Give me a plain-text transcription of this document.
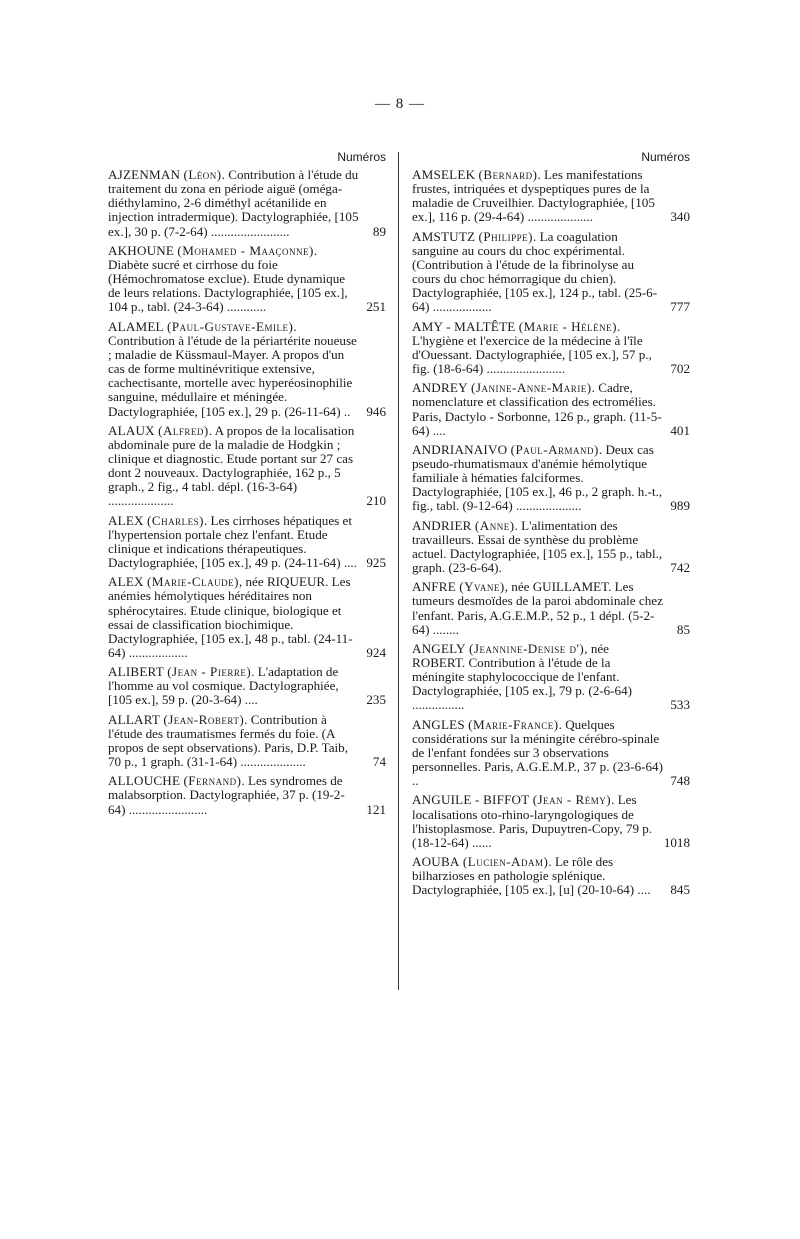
— 8 —
Numéros
AJZENMAN (Léon). Contribution à l'étude du traitement du zona en période aiguë (oméga-diéthylamino, 2-6 diméthyl acétanilide en injection intradermique). Dactylographiée, [105 ex.], 30 p. (7-2-64) ........................	89
AKHOUNE (Mohamed - Maaçonne). Diabète sucré et cirrhose du foie (Hémochromatose exclue). Etude dynamique de leurs relations. Dactylographiée, [105 ex.], 104 p., tabl. (24-3-64) ............	251
ALAMEL (Paul-Gustave-Emile). Contribution à l'étude de la périartérite noueuse ; maladie de Küssmaul-Mayer. A propos d'un cas de forme multinévritique extensive, cachectisante, mortelle avec hyperéosinophilie sanguine, médullaire et méningée. Dactylographiée, [105 ex.], 29 p. (26-11-64) ..	946
ALAUX (Alfred). A propos de la localisation abdominale pure de la maladie de Hodgkin ; clinique et diagnostic. Etude portant sur 27 cas dont 2 nouveaux. Dactylographiée, 162 p., 5 graph., 2 fig., 4 tabl. dépl. (16-3-64) ....................	210
ALEX (Charles). Les cirrhoses hépatiques et l'hypertension portale chez l'enfant. Etude clinique et indications thérapeutiques. Dactylographiée, [105 ex.], 49 p. (24-11-64) .... 925
ALEX (Marie-Claude), née RIQUEUR. Les anémies hémolytiques héréditaires non sphérocytaires. Etude clinique, biologique et essai de classification biochimique. Dactylographiée, [105 ex.], 48 p., tabl. (24-11-64) ..................	924
ALIBERT (Jean - Pierre). L'adaptation de l'homme au vol cosmique. Dactylographiée, [105 ex.], 59 p. (20-3-64) ....	235
ALLART (Jean-Robert). Contribution à l'étude des traumatismes fermés du foie. (A propos de sept observations). Paris, D.P. Taib, 70 p., 1 graph. (31-1-64) ....................	74
ALLOUCHE (Fernand). Les syndromes de malabsorption. Dactylographiée, 37 p. (19-2-64) ........................	121
Numéros
AMSELEK (Bernard). Les manifestations frustes, intriquées et dyspeptiques pures de la maladie de Cruveilhier. Dactylographiée, [105 ex.], 116 p. (29-4-64) ....................	340
AMSTUTZ (Philippe). La coagulation sanguine au cours du choc expérimental. (Contribution à l'étude de la fibrinolyse au cours du choc hémorragique du chien). Dactylographiée, [105 ex.], 124 p., tabl. (25-6-64) ..................	777
AMY - MALTÊTE (Marie - Hélène). L'hygiène et l'exercice de la médecine à l'île d'Ouessant. Dactylographiée, [105 ex.], 57 p., fig. (18-6-64) ........................	702
ANDREY (Janine-Anne-Marie). Cadre, nomenclature et classification des ectromélies. Paris, Dactylo - Sorbonne, 126 p., graph. (11-5-64) ....	401
ANDRIANAIVO (Paul-Armand). Deux cas pseudo-rhumatismaux d'anémie hémolytique familiale à hématies falciformes. Dactylographiée, [105 ex.], 46 p., 2 graph. h.-t., fig., tabl. (9-12-64) ....................	989
ANDRIER (Anne). L'alimentation des travailleurs. Essai de synthèse du problème actuel. Dactylographiée, [105 ex.], 155 p., tabl., graph. (23-6-64).	742
ANFRE (Yvane), née GUILLAMET. Les tumeurs desmoïdes de la paroi abdominale chez l'enfant. Paris, A.G.E.M.P., 52 p., 1 dépl. (5-2-64) ........	85
ANGELY (Jeannine-Denise d'), née ROBERT. Contribution à l'étude de la méningite staphylococcique de l'enfant. Dactylographiée, [105 ex.], 79 p. (2-6-64) ................	533
ANGLES (Marie-France). Quelques considérations sur la méningite cérébro-spinale de l'enfant fondées sur 3 observations personnelles. Paris, A.G.E.M.P., 37 p. (23-6-64) ..	748
ANGUILE - BIFFOT (Jean - Rémy). Les localisations oto-rhino-laryngologiques de l'histoplasmose. Paris, Dupuytren-Copy, 79 p. (18-12-64) ......	1018
AOUBA (Lucien-Adam). Le rôle des bilharzioses en pathologie splénique. Dactylographiée, [105 ex.], [u] (20-10-64) ....	845
